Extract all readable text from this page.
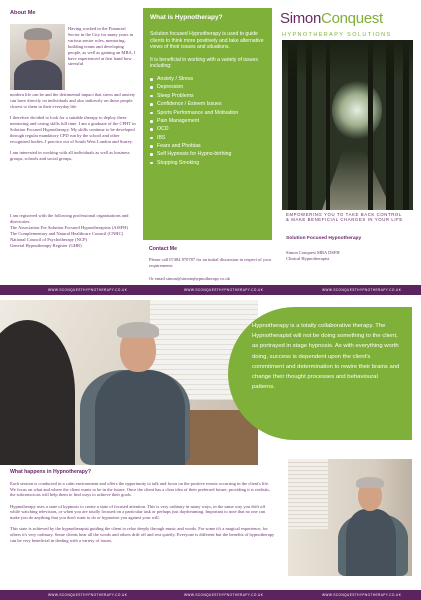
About Me
Having worked in the Financial Sector in the City for many years in various senior roles, mentoring, building teams and developing people, as well as gaining an MBA, I have experienced at first hand how stressful

modern life can be and the detrimental impact that stress and anxiety can have directly on individuals and also indirectly on those people closest to them in their everyday life.

I therefore decided to look for a suitable therapy to deploy these mentoring and caring skills full time. I am a graduate of the CPHT in Solution Focused Hypnotherapy. My skills continue to be developed through regular mandatory CPD run by the school and other recognised bodies. I practice out of South West London and Surrey.

I am interested in working with all individuals as well as business groups, schools and social groups.

I am registered with the following professional organisations and directories:
The Association For Solution Focused Hypnotherapists (AfSFH)
The Complementary and Natural Healthcare Council (CNHC)
National Council of Psychotherapy (NCP)
General Hypnotherapy Register (GHR)
What is Hypnotherapy?
Solution focused Hypnotherapy is used to guide clients to think more positively and take alternative views of their issues and situations.
It is beneficial in working with a variety of issues including:
Anxiety / Stress
Depression
Sleep Problems
Confidence / Esteem Issues
Sports Performance and Motivation
Pain Management
OCD
IBS
Fears and Phobias
Self Hypnosis for Hypno-birthing
Stopping Smoking
Contact Me
Please call 07484 870787 for an initial discussion in respect of your requirements
Or email simon@simonqhypnotherapy.co.uk
SimonConquest
HYPNOTHERAPY SOLUTIONS
EMPOWERING YOU TO TAKE BACK CONTROL
& MAKE BENEFICIAL CHANGES IN YOUR LIFE
Solution Focused Hypnotherapy
Simon Conquest MBA DSFH
Clinical Hypnotherapist
WWW.SCONQUESTHYPNOTHERAPY.CO.UK	WWW.SCONQUESTHYPNOTHERAPY.CO.UK	WWW.SCONQUESTHYPNOTHERAPY.CO.UK
Hypnotherapy is a totally collaborative therapy. The Hypnotherapist will not be doing something to the client, as portrayed in stage hypnosis. As with everything worth doing, success is dependent upon the client's commitment and determination to rewire their brains and change their thought processes and behavioural patterns.
What happens in Hypnotherapy?

Each session is conducted in a calm environment and offers the opportunity to talk and focus on the positive events occurring in the client's life. We focus on what and where the client wants to be in the future. Once the client has a clear idea of their preferred future, providing it is realistic, the subconscious will help them to find ways to achieve their goals.

Hypnotherapy uses a state of hypnosis to create a state of focused attention. This is very ordinary in many ways, in the same way you drift off while watching television, or when you are totally focused on a particular task or perhaps just daydreaming. Important to note that no one can make you do anything that you don't want to do or hypnotise you against your will.

This state is achieved by the hypnotherapist guiding the client to relax deeply through music and words. For some it's a magical experience, for others it's very ordinary. Some clients hear all the words and others drift off and rest quietly. Everyone is different but the benefits of hypnotherapy can be very beneficial in dealing with a variety of issues.

WWW.SCONQUESTHYPNOTHERAPY.CO.UK	WWW.SCONQUESTHYPNOTHERAPY.CO.UK	WWW.SCONQUESTHYPNOTHERAPY.CO.UK
